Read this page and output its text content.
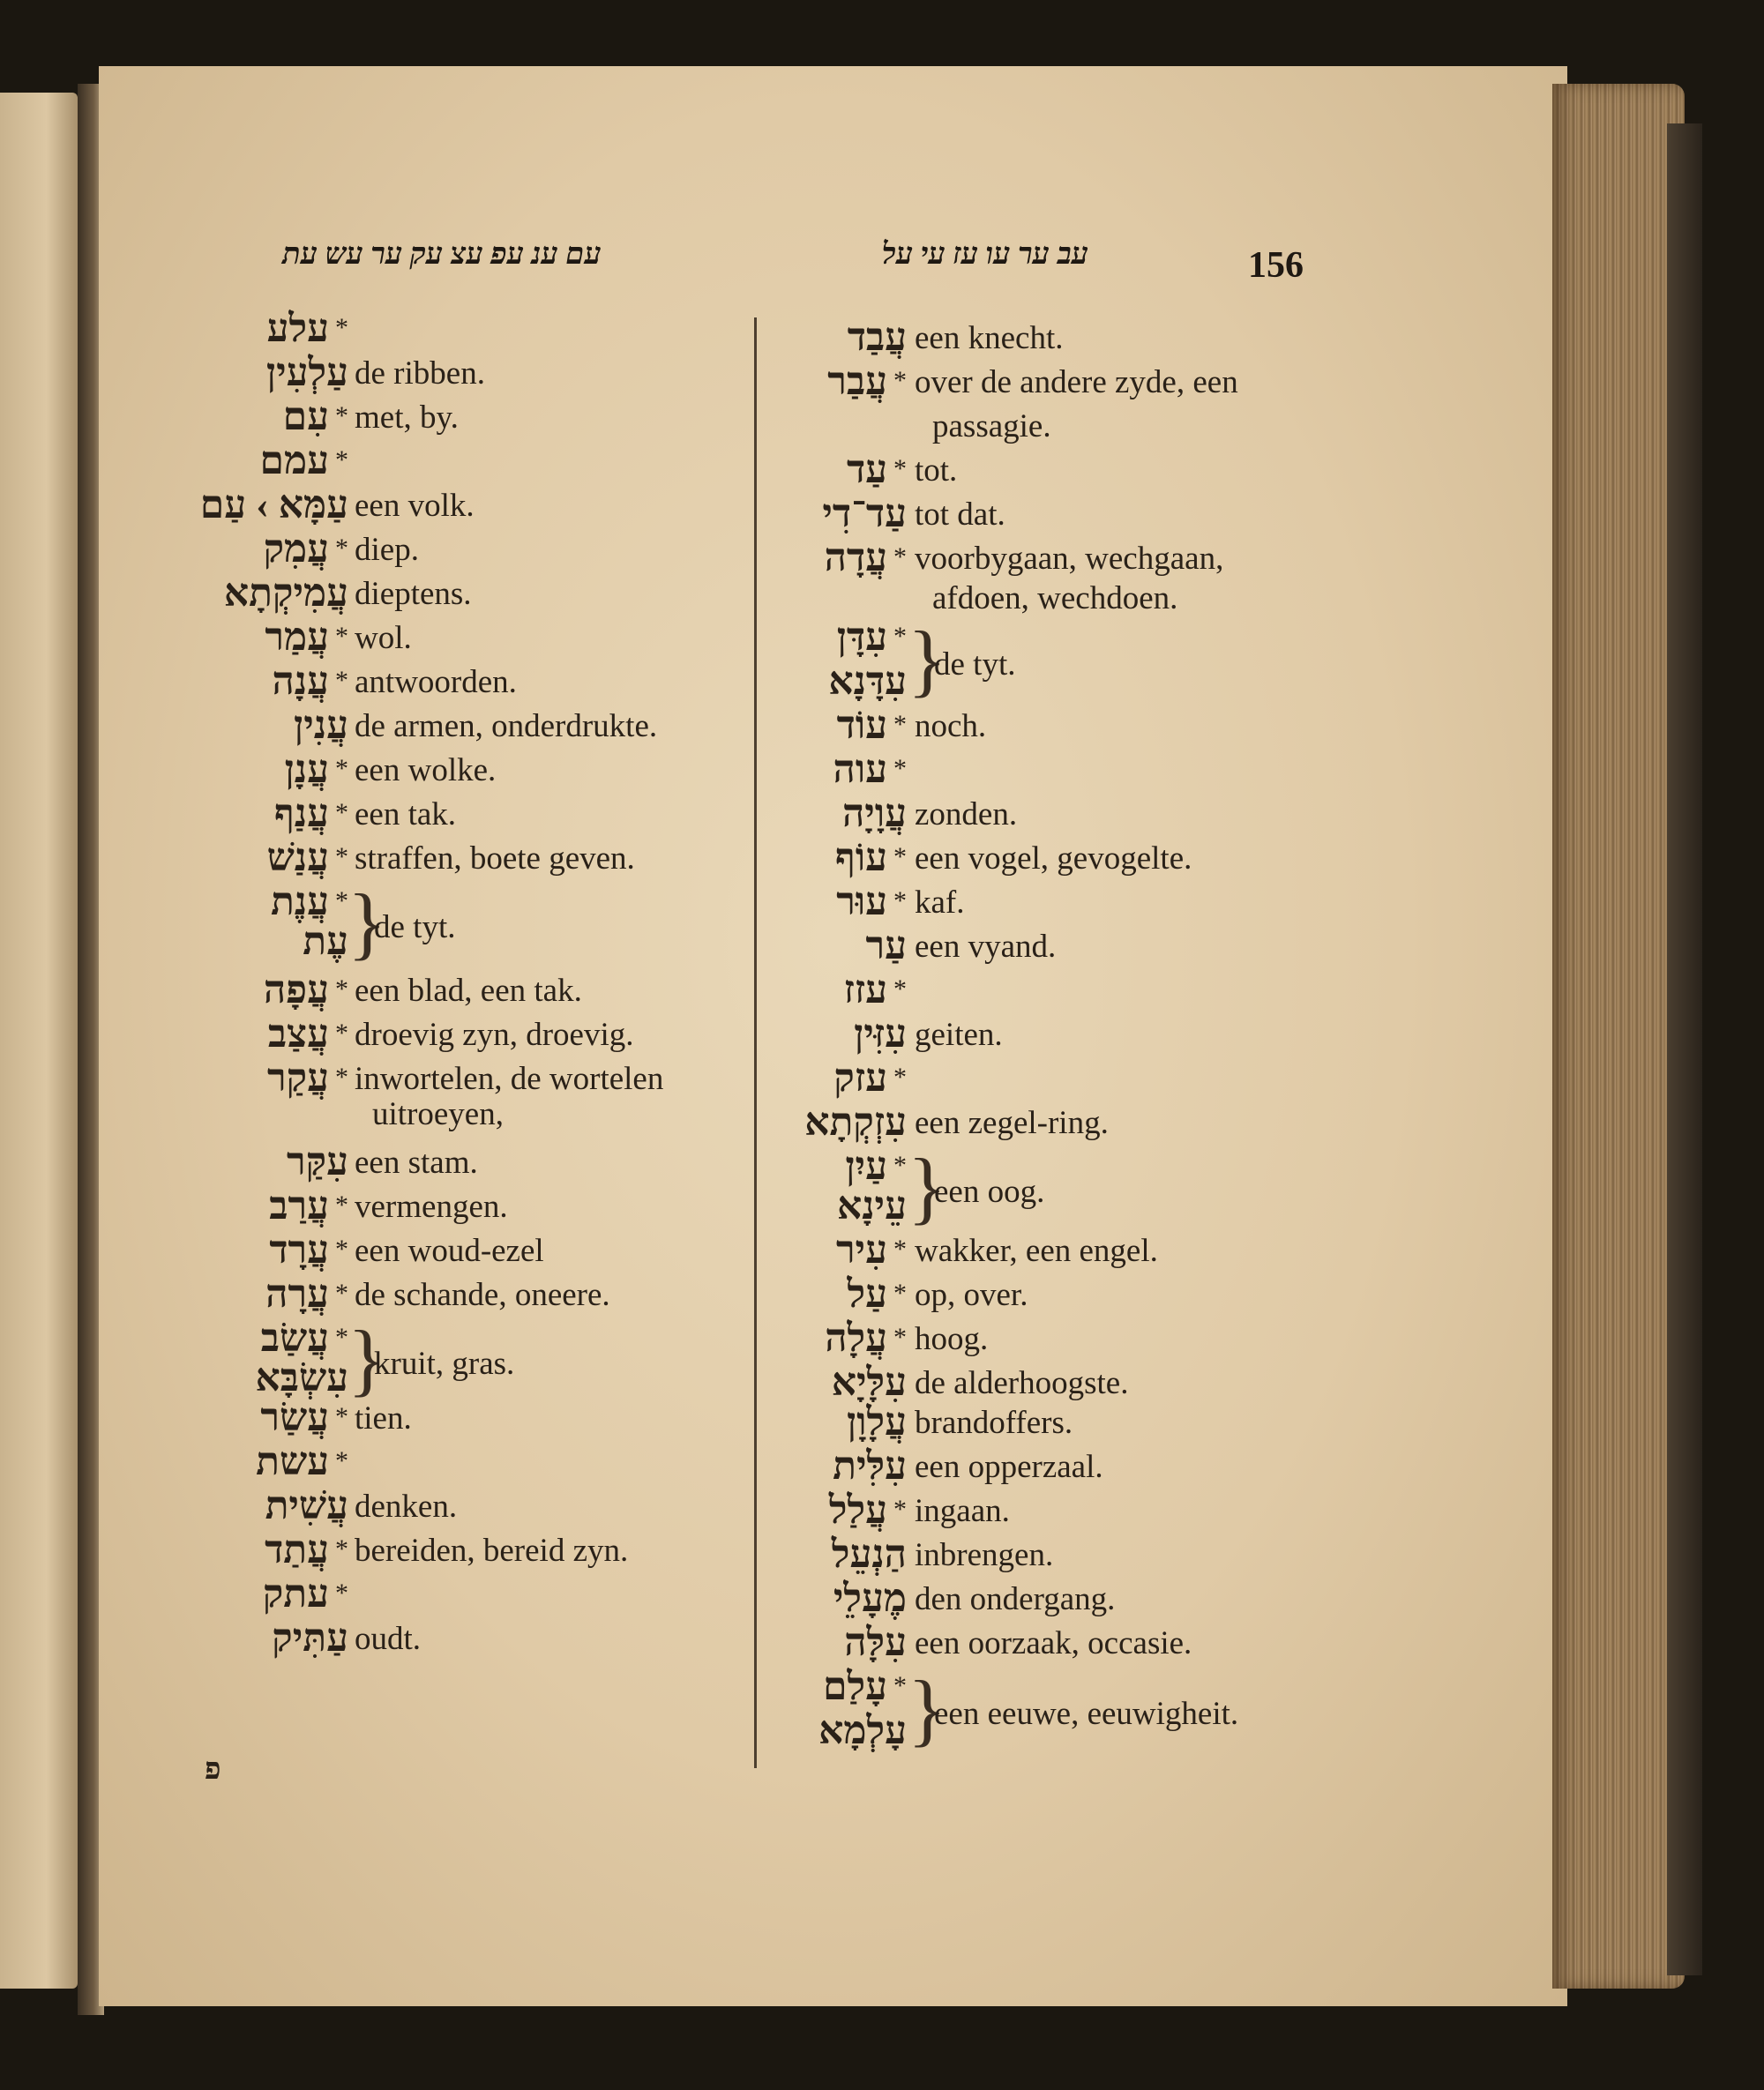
עם ענ עפ עצ עק ער עש עת	עב ער עו עז עי על	156
*
עלע
עַלְעִין de ribben.
*
עִם met, by.
*
עמם
עַמָּא › עַם een volk.
*
עֲמִק diep.
עֲמִיקְתָא dieptens.
*
עֲמַר wol.
*
עֲנָה antwoorden.
עֲנִין de armen, onderdrukte.
*
עֲנָן een wolke.
*
עֲנַף een tak.
*
עֲנַשׁ straffen, boete geven.
*
עֲנֶת
עֶת
*
עֲפָה een blad, een tak.
*
עֲצַב droevig zyn, droevig.
*
עֲקַר inwortelen, de wortelen
uitroeyen,
עִקַּר een stam.
*
עֲרַב vermengen.
*
עֲרָד een woud-ezel
*
עֲרָה de schande, oneere.
*
עֲשַׂב
עִשְׂבָּא
*
עֲשַׂר tien.
*
עשת
עֲשִׁית denken.
*
עֲתַד bereiden, bereid zyn.
*
עתק
עַתִּיק oudt.
}
de tyt.
}
kruit, gras.
עֲבַד een knecht.
*
עֲבַר over de andere zyde, een
passagie.
*
עַד tot.
עַד־דִי tot dat.
*
עֲדָה voorbygaan, wechgaan,
afdoen, wechdoen.
*
עִדָּן
עִדָּנָא
*
עוֹד noch.
*
עוה
עֲוָיָה zonden.
*
עוֹף een vogel, gevogelte.
*
עוּר kaf.
עַר een vyand.
*
עזז
עִזִּין geiten.
*
עזק
עִזְקְתָא een zegel-ring.
*
עַיִן
עֵינָא
*
עִיר wakker, een engel.
*
עַל op, over.
*
עֲלָה hoog.
עִלָּיָא de alderhoogste.
עֲלָוָן brandoffers.
עִלִּית een opperzaal.
*
עֲלַל ingaan.
הַנְעֵל inbrengen.
מֶעָלֵי den ondergang.
עִלָּה een oorzaak, occasie.
*
עָלַם
עָלְמָא
}
de tyt.
}
een oog.
}
een eeuwe, eeuwigheit.
פ
